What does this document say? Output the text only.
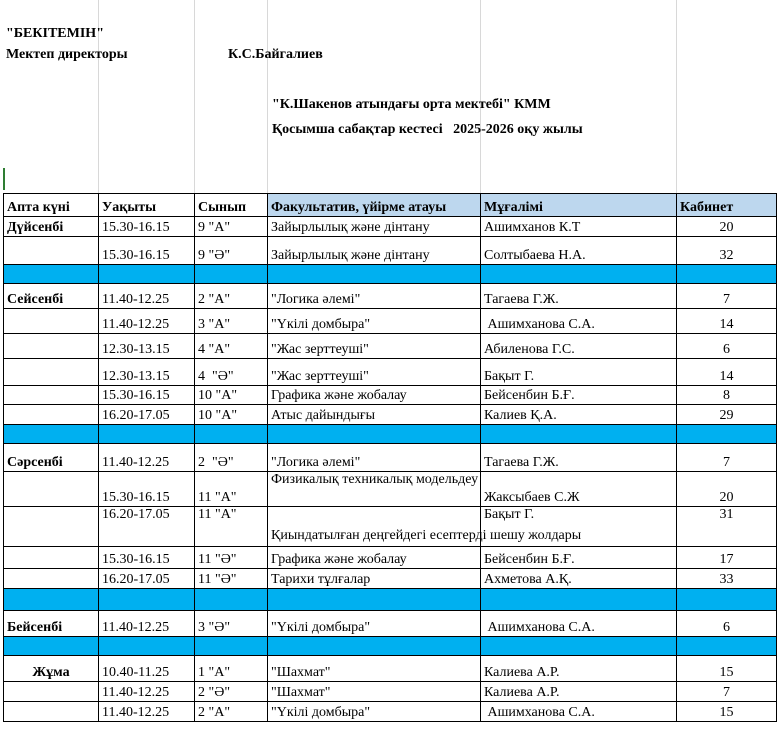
"БЕКІТЕМІН"
Мектеп директоры	К.С.Байгалиев
"К.Шакенов атындағы орта мектебі" КММ
Қосымша сабақтар кестесі   2025-2026 оқу жылы
Апта күні	Уақыты	Сынып	Факультатив, үйірме атауы	Мұғалімі	Кабинет
Дүйсенбі	15.30-16.15	9 "А"	Зайырлылық және дінтану	Ашимханов К.Т	20
	15.30-16.15	9 "Ә"	Зайырлылық және дінтану	Солтыбаева Н.А.	32

Сейсенбі	11.40-12.25	2 "А"	"Логика әлемі"	Тагаева Г.Ж.	7
	11.40-12.25	3 "А"	"Үкілі домбыра"	Ашимханова С.А.	14
	12.30-13.15	4 "А"	"Жас зерттеуші"	Абиленова Г.С.	6
	12.30-13.15	4  "Ә"	"Жас зерттеуші"	Бақыт Г.	14
	15.30-16.15	10 "А"	Графика және жобалау	Бейсенбин Б.Ғ.	8
	16.20-17.05	10 "А"	Атыс дайындығы	Калиев Қ.А.	29

Сәрсенбі	11.40-12.25	2  "Ә"	"Логика әлемі"	Тагаева Г.Ж.	7
	15.30-16.15	11 "А"	Физикалық техникалық модельдеу	Жаксыбаев С.Ж	20
	16.20-17.05	11 "А"	Қиындатылған деңгейдегі есептерді шешу жолдары	Бақыт Г.	31
	15.30-16.15	11 "Ә"	Графика және жобалау	Бейсенбин Б.Ғ.	17
	16.20-17.05	11 "Ә"	Тарихи тұлғалар	Ахметова А.Қ.	33

Бейсенбі	11.40-12.25	3 "Ә"	"Үкілі домбыра"	Ашимханова С.А.	6

Жұма	10.40-11.25	1 "А"	"Шахмат"	Калиева А.Р.	15
	11.40-12.25	2 "Ә"	"Шахмат"	Калиева А.Р.	7
	11.40-12.25	2 "А"	"Үкілі домбыра"	Ашимханова С.А.	15
